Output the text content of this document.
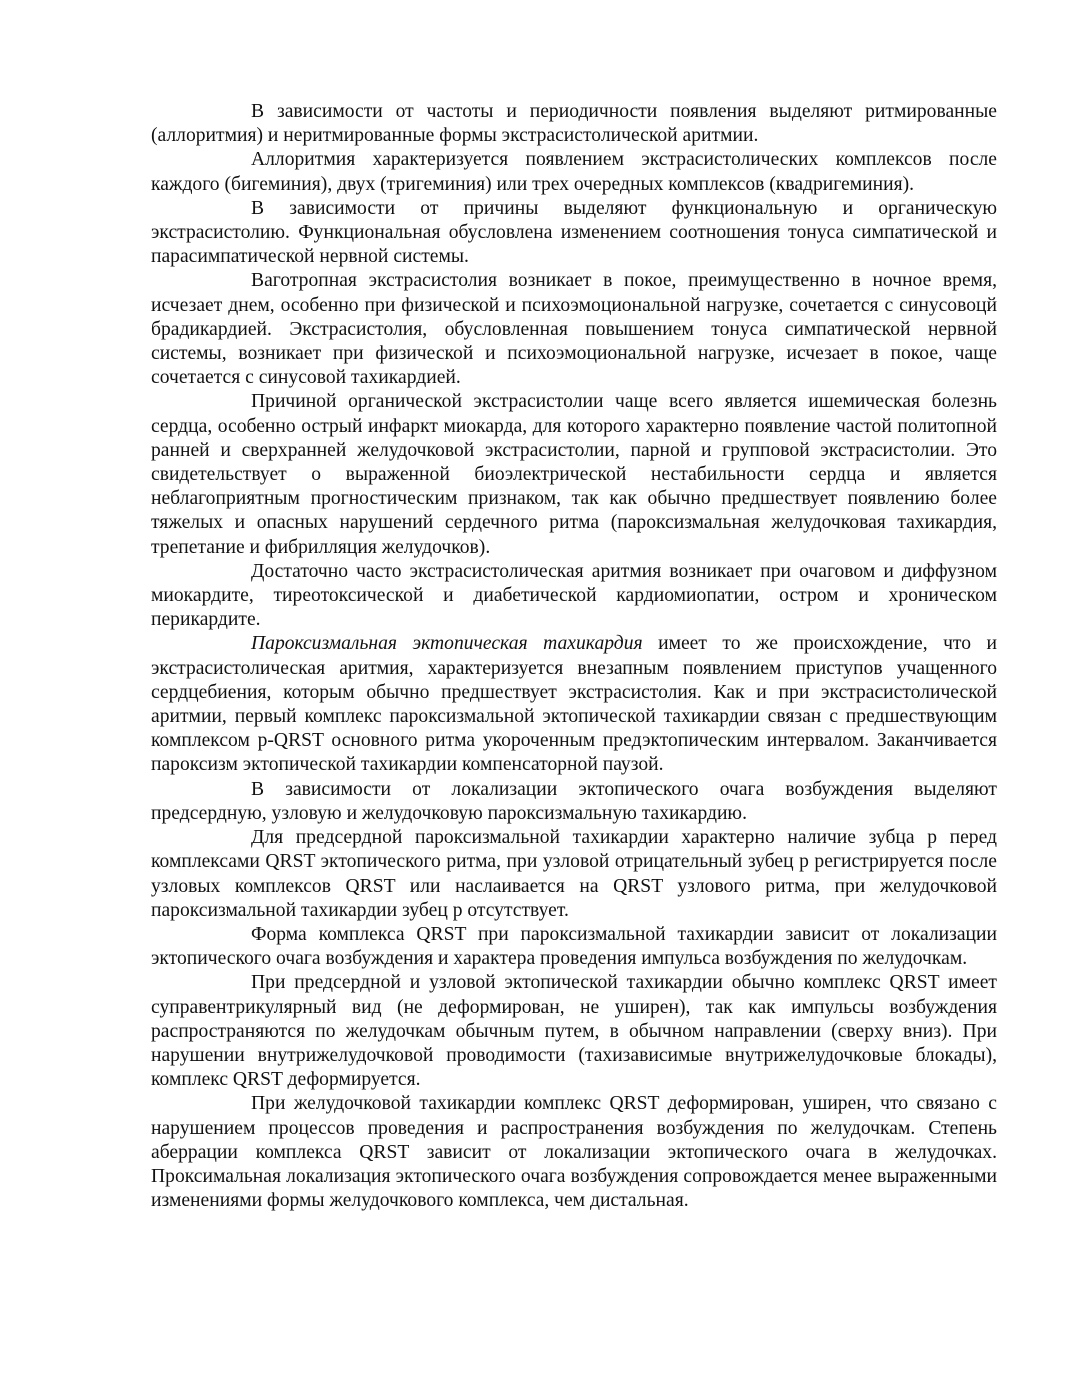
В зависимости от частоты и периодичности появления выделяют ритмированные (аллоритмия) и неритмированные формы экстрасистолической аритмии.

Аллоритмия характеризуется появлением экстрасистолических комплексов после каждого (бигеминия), двух (тригеминия) или трех очередных комплексов (квадригеминия).

В зависимости от причины выделяют функциональную и органическую экстрасистолию. Функциональная обусловлена изменением соотношения тонуса симпатической и парасимпатической нервной системы.

Ваготропная экстрасистолия возникает в покое, преимущественно в ночное время, исчезает днем, особенно при физической и психоэмоциональной нагрузке, сочетается с синусовоцй брадикардией. Экстрасистолия, обусловленная повышением тонуса симпатической нервной системы, возникает при физической и психоэмоциональной нагрузке, исчезает в покое, чаще сочетается с синусовой тахикардией.

Причиной органической экстрасистолии чаще всего является ишемическая болезнь сердца, особенно острый инфаркт миокарда, для которого характерно появление частой политопной ранней и сверхранней желудочковой экстрасистолии, парной и групповой экстрасистолии. Это свидетельствует о выраженной биоэлектрической нестабильности сердца и является неблагоприятным прогностическим признаком, так как обычно предшествует появлению более тяжелых и опасных нарушений сердечного ритма (пароксизмальная желудочковая тахикардия, трепетание и фибрилляция желудочков).

Достаточно часто экстрасистолическая аритмия возникает при очаговом и диффузном миокардите, тиреотоксической и диабетической кардиомиопатии, остром и хроническом перикардите.

Пароксизмальная эктопическая тахикардия имеет то же происхождение, что и экстрасистолическая аритмия, характеризуется внезапным появлением приступов учащенного сердцебиения, которым обычно предшествует экстрасистолия. Как и при экстрасистолической аритмии, первый комплекс пароксизмальной эктопической тахикардии связан с предшествующим комплексом p-QRST основного ритма укороченным предэктопическим интервалом. Заканчивается пароксизм эктопической тахикардии компенсаторной паузой.

В зависимости от локализации эктопического очага возбуждения выделяют предсердную, узловую и желудочковую пароксизмальную тахикардию.

Для предсердной пароксизмальной тахикардии характерно наличие зубца р перед комплексами QRST эктопического ритма, при узловой отрицательный зубец р регистрируется после узловых комплексов QRST или наслаивается на QRST узлового ритма, при желудочковой пароксизмальной тахикардии зубец р отсутствует.

Форма комплекса QRST при пароксизмальной тахикардии зависит от локализации эктопического очага возбуждения и характера проведения импульса возбуждения по желудочкам.

При предсердной и узловой эктопической тахикардии обычно комплекс QRST имеет суправентрикулярный вид (не деформирован, не уширен), так как импульсы возбуждения распространяются по желудочкам обычным путем, в обычном направлении (сверху вниз). При нарушении внутрижелудочковой проводимости (тахизависимые внутрижелудочковые блокады), комплекс QRST деформируется.

При желудочковой тахикардии комплекс QRST деформирован, уширен, что связано с нарушением процессов проведения и распространения возбуждения по желудочкам. Степень аберрации комплекса QRST зависит от локализации эктопического очага в желудочках. Проксимальная локализация эктопического очага возбуждения сопровождается менее выраженными изменениями формы желудочкового комплекса, чем дистальная.
